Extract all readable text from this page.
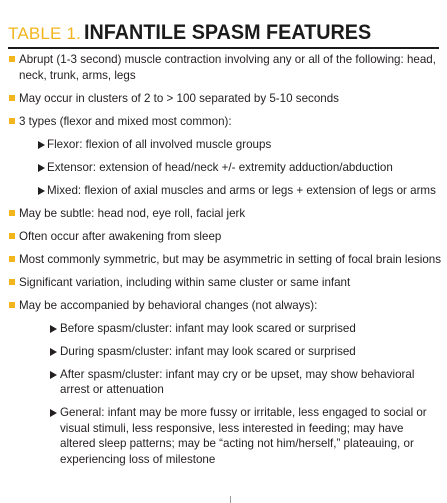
TABLE 1. INFANTILE SPASM FEATURES
Abrupt (1-3 second) muscle contraction involving any or all of the following: head, neck, trunk, arms, legs
May occur in clusters of 2 to > 100 separated by 5-10 seconds
3 types (flexor and mixed most common):
Flexor: flexion of all involved muscle groups
Extensor: extension of head/neck +/- extremity adduction/abduction
Mixed: flexion of axial muscles and arms or legs + extension of legs or arms
May be subtle: head nod, eye roll, facial jerk
Often occur after awakening from sleep
Most commonly symmetric, but may be asymmetric in setting of focal brain lesions
Significant variation, including within same cluster or same infant
May be accompanied by behavioral changes (not always):
Before spasm/cluster: infant may look scared or surprised
During spasm/cluster: infant may look scared or surprised
After spasm/cluster: infant may cry or be upset, may show behavioral arrest or attenuation
General: infant may be more fussy or irritable, less engaged to social or visual stimuli, less responsive, less interested in feeding; may have altered sleep patterns; may be “acting not him/herself,” plateauing, or experiencing loss of milestone
